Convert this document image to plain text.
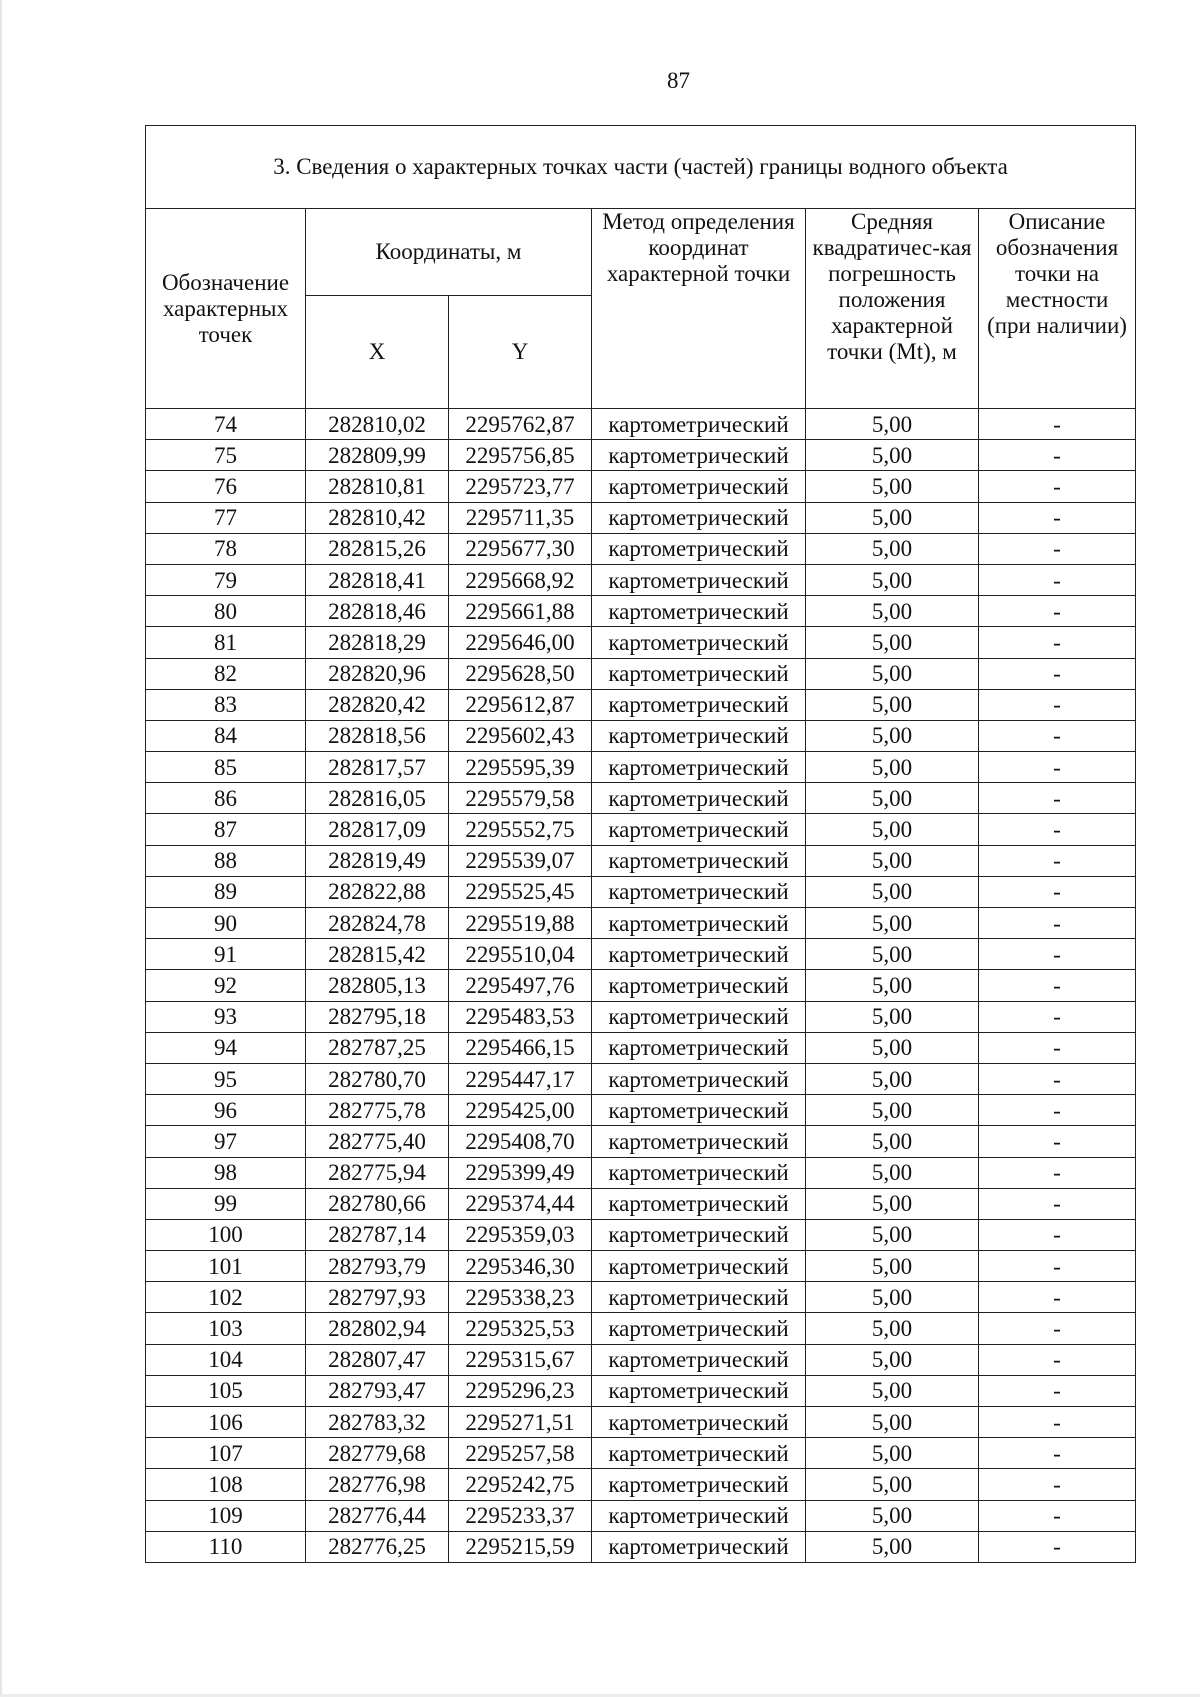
87
3. Сведения о характерных точках части (частей) границы водного объекта					
Обозначение характерных точек	Координаты, м		Метод определения координат характерной точки	Средняя квадратичес-кая погрешность положения характерной точки (Mt), м	Описание обозначения точки на местности (при наличии)
	X	Y			
74	282810,02	2295762,87	картометрический	5,00	-
75	282809,99	2295756,85	картометрический	5,00	-
76	282810,81	2295723,77	картометрический	5,00	-
77	282810,42	2295711,35	картометрический	5,00	-
78	282815,26	2295677,30	картометрический	5,00	-
79	282818,41	2295668,92	картометрический	5,00	-
80	282818,46	2295661,88	картометрический	5,00	-
81	282818,29	2295646,00	картометрический	5,00	-
82	282820,96	2295628,50	картометрический	5,00	-
83	282820,42	2295612,87	картометрический	5,00	-
84	282818,56	2295602,43	картометрический	5,00	-
85	282817,57	2295595,39	картометрический	5,00	-
86	282816,05	2295579,58	картометрический	5,00	-
87	282817,09	2295552,75	картометрический	5,00	-
88	282819,49	2295539,07	картометрический	5,00	-
89	282822,88	2295525,45	картометрический	5,00	-
90	282824,78	2295519,88	картометрический	5,00	-
91	282815,42	2295510,04	картометрический	5,00	-
92	282805,13	2295497,76	картометрический	5,00	-
93	282795,18	2295483,53	картометрический	5,00	-
94	282787,25	2295466,15	картометрический	5,00	-
95	282780,70	2295447,17	картометрический	5,00	-
96	282775,78	2295425,00	картометрический	5,00	-
97	282775,40	2295408,70	картометрический	5,00	-
98	282775,94	2295399,49	картометрический	5,00	-
99	282780,66	2295374,44	картометрический	5,00	-
100	282787,14	2295359,03	картометрический	5,00	-
101	282793,79	2295346,30	картометрический	5,00	-
102	282797,93	2295338,23	картометрический	5,00	-
103	282802,94	2295325,53	картометрический	5,00	-
104	282807,47	2295315,67	картометрический	5,00	-
105	282793,47	2295296,23	картометрический	5,00	-
106	282783,32	2295271,51	картометрический	5,00	-
107	282779,68	2295257,58	картометрический	5,00	-
108	282776,98	2295242,75	картометрический	5,00	-
109	282776,44	2295233,37	картометрический	5,00	-
110	282776,25	2295215,59	картометрический	5,00	-
